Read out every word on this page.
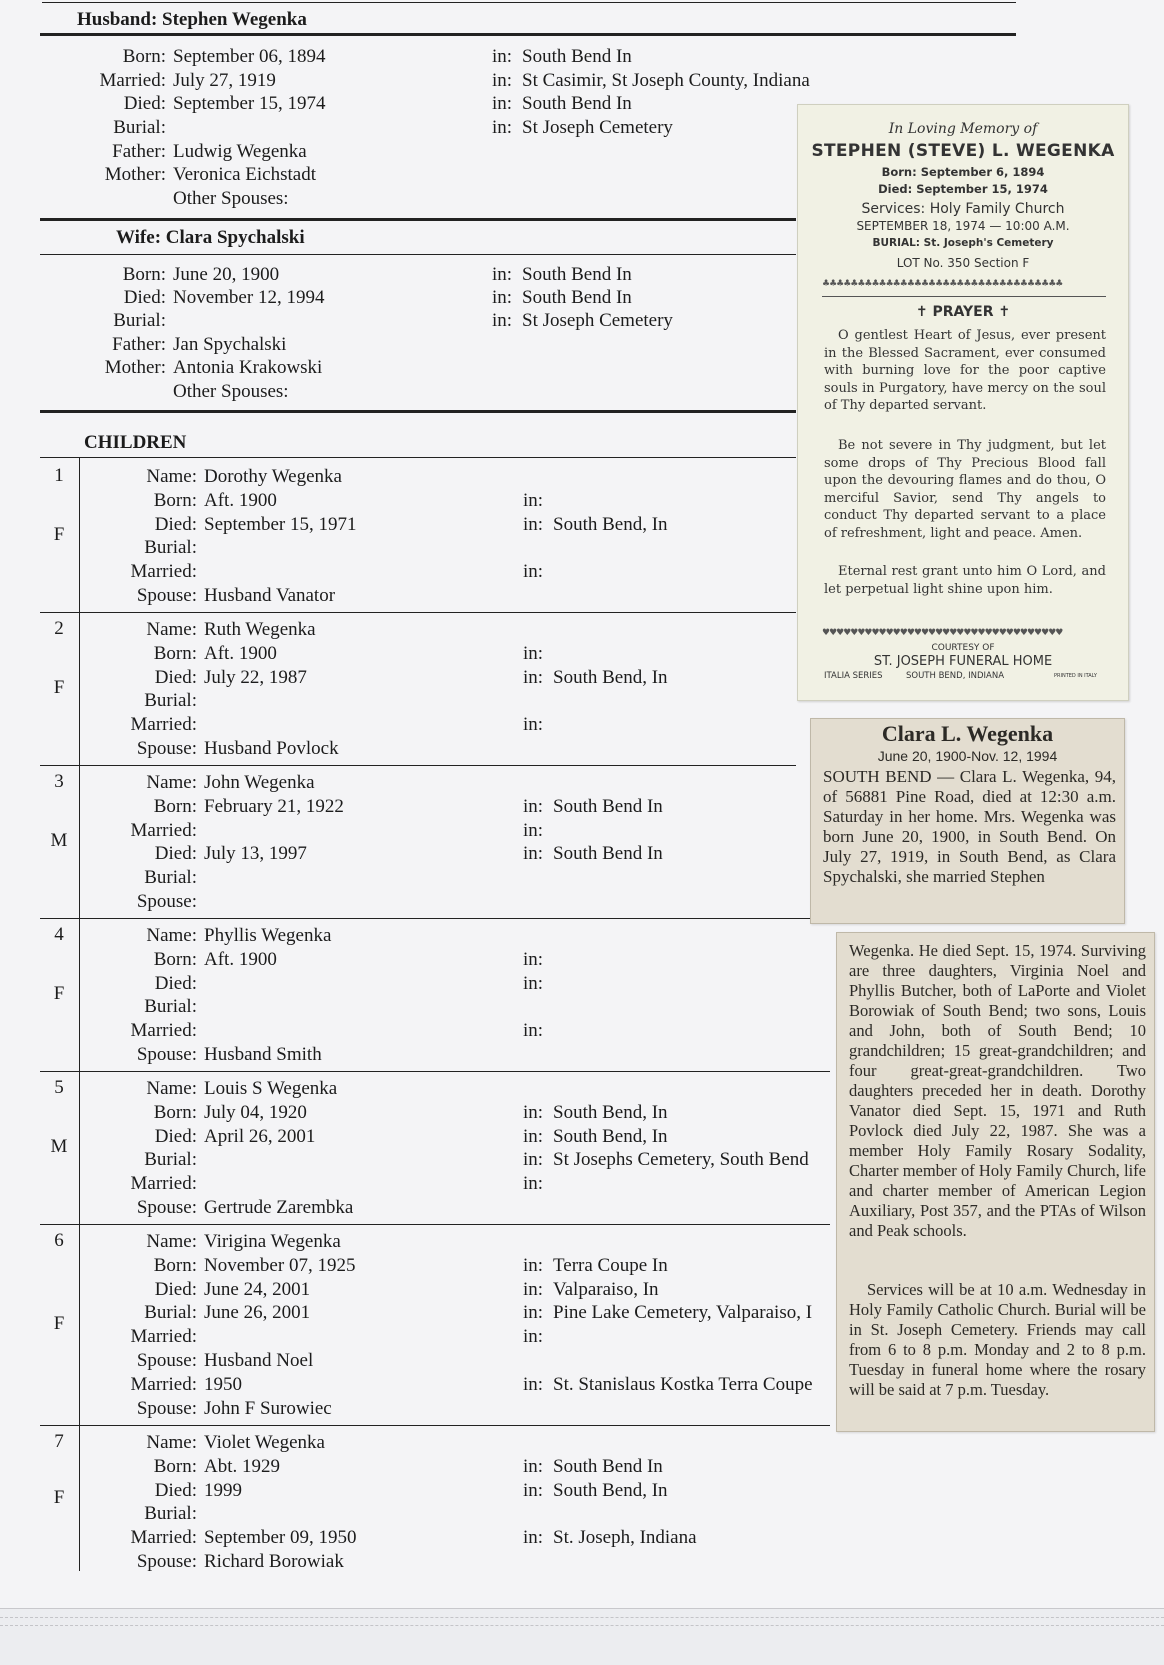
Husband: Stephen Wegenka
Born: September 06, 1894	in: South Bend In
Married: July 27, 1919	in: St Casimir, St Joseph County, Indiana
Died: September 15, 1974	in: South Bend In
Burial:	in: St Joseph Cemetery
Father: Ludwig Wegenka
Mother: Veronica Eichstadt
Other Spouses:
Wife: Clara Spychalski
Born: June 20, 1900	in: South Bend In
Died: November 12, 1994	in: South Bend In
Burial:	in: St Joseph Cemetery
Father: Jan Spychalski
Mother: Antonia Krakowski
Other Spouses:
CHILDREN
1
F
Name: Dorothy Wegenka
Born: Aft. 1900	in:
Died: September 15, 1971	in: South Bend, In
Burial:
Married:	in:
Spouse: Husband Vanator
2
F
Name: Ruth Wegenka
Born: Aft. 1900	in:
Died: July 22, 1987	in: South Bend, In
Burial:
Married:	in:
Spouse: Husband Povlock
3
M
Name: John Wegenka
Born: February 21, 1922	in: South Bend In
Married:	in:
Died: July 13, 1997	in: South Bend In
Burial:
Spouse:
4
F
Name: Phyllis Wegenka
Born: Aft. 1900	in:
Died:	in:
Burial:
Married:	in:
Spouse: Husband Smith
5
M
Name: Louis S Wegenka
Born: July 04, 1920	in: South Bend, In
Died: April 26, 2001	in: South Bend, In
Burial:	in: St Josephs Cemetery, South Bend
Married:	in:
Spouse: Gertrude Zarembka
6
F
Name: Virigina Wegenka
Born: November 07, 1925	in: Terra Coupe In
Died: June 24, 2001	in: Valparaiso, In
Burial: June 26, 2001	in: Pine Lake Cemetery, Valparaiso, I
Married:	in:
Spouse: Husband Noel
Married: 1950	in: St. Stanislaus Kostka Terra Coupe
Spouse: John F Surowiec
7
F
Name: Violet Wegenka
Born: Abt. 1929	in: South Bend In
Died: 1999	in: South Bend, In
Burial:
Married: September 09, 1950	in: St. Joseph, Indiana
Spouse: Richard Borowiak
In Loving Memory of
STEPHEN (STEVE) L. WEGENKA
Born: September 6, 1894
Died: September 15, 1974
Services: Holy Family Church
SEPTEMBER 18, 1974 — 10:00 A.M.
BURIAL: St. Joseph's Cemetery
LOT No. 350 Section F
♣♣♣♣♣♣♣♣♣♣♣♣♣♣♣♣♣♣♣♣♣♣♣♣♣♣♣♣♣♣♣♣♣♣
✝ PRAYER ✝
O gentlest Heart of Jesus, ever present in the Blessed Sacrament, ever consumed with burning love for the poor captive souls in Purgatory, have mercy on the soul of Thy departed servant.
Be not severe in Thy judgment, but let some drops of Thy Precious Blood fall upon the devouring flames and do thou, O merciful Savior, send Thy angels to conduct Thy departed servant to a place of refreshment, light and peace. Amen.
Eternal rest grant unto him O Lord, and let perpetual light shine upon him.
♥♥♥♥♥♥♥♥♥♥♥♥♥♥♥♥♥♥♥♥♥♥♥♥♥♥♥♥♥♥♥♥♥♥
COURTESY OF
ST. JOSEPH FUNERAL HOME
ITALIA SERIES	SOUTH BEND, INDIANA	PRINTED IN ITALY
Clara L. Wegenka
June 20, 1900-Nov. 12, 1994
SOUTH BEND — Clara L. Wegenka, 94, of 56881 Pine Road, died at 12:30 a.m. Saturday in her home. Mrs. Wegenka was born June 20, 1900, in South Bend. On July 27, 1919, in South Bend, as Clara Spychalski, she married Stephen
Wegenka. He died Sept. 15, 1974. Surviving are three daughters, Virginia Noel and Phyllis Butcher, both of LaPorte and Violet Borowiak of South Bend; two sons, Louis and John, both of South Bend; 10 grandchildren; 15 great-grandchildren; and four great-great-grandchildren. Two daughters preceded her in death. Dorothy Vanator died Sept. 15, 1971 and Ruth Povlock died July 22, 1987. She was a member Holy Family Rosary Sodality, Charter member of Holy Family Church, life and charter member of American Legion Auxiliary, Post 357, and the PTAs of Wilson and Peak schools.
Services will be at 10 a.m. Wednesday in Holy Family Catholic Church. Burial will be in St. Joseph Cemetery. Friends may call from 6 to 8 p.m. Monday and 2 to 8 p.m. Tuesday in funeral home where the rosary will be said at 7 p.m. Tuesday.
